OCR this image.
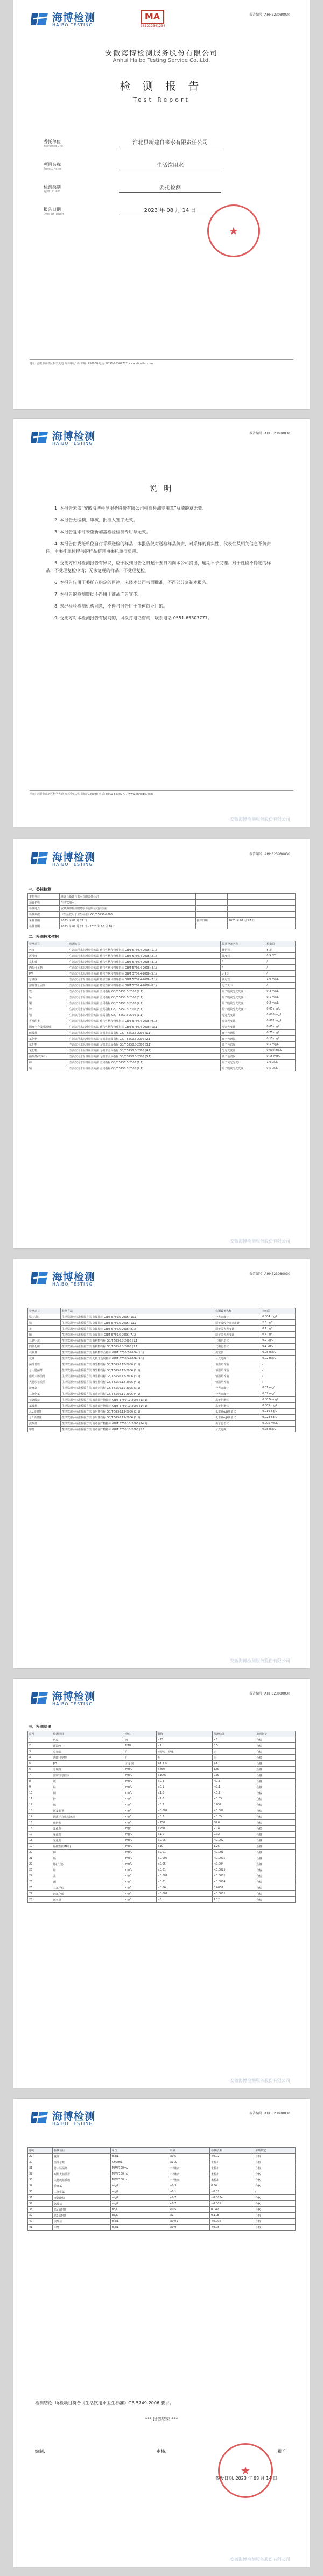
海博检测
HAIBO TESTING
MA
181212341234
报告编号: AHHB23080030
安徽海博检测服务股份有限公司
Anhui Haibo Testing Service Co.,Ltd.
检 测 报 告
Test Report
委托单位
Entrusted Unit
淮北县新建自来水有限责任公司
项目名称
Project Name
生活饮用水
检测类别
Type Of Test
委托检测
报告日期
Date Of Report
2023 年 08 月 14 日
★
地址: 合肥市高新区科学大道 万邦中心1栋 邮编: 230088 电话: 0551-65307777 www.ahhaibo.com
海博检测
HAIBO TESTING
报告编号: AHHB23080030
说 明

1. 本报告未盖“安徽海博检测服务股份有限公司检验检测专用章”及骑缝章无效。

2. 本报告无编制、审核、批准人签字无效。

3. 本报告复印件未重新加盖检验检测专用章无效。

4. 本报告由委托单位自行采样送检的样品，本报告仅对送检样品负责，对采样的真实性、代表性及相关信息不负责任，由委托单位提供的样品信息由委托单位负责。

5. 委托方如对检测报告有异议，应于收到报告之日起十五日内向本公司提出，逾期不予受理。对于性能不稳定的样品，不受理复检申请；无法复现的样品，不受理复检。

6. 本报告仅用于委托方指定的用途，未经本公司书面批准，不得部分复制本报告。

7. 本报告的检测数据不得用于商品广告宣传。

8. 未经检验检测机构同意，不得将报告用于任何商业目的。

9. 委托方对本检测报告有疑问的，可拨打电话咨询，联系电话 0551-65307777。

地址: 合肥市高新区科学大道 万邦中心1栋 邮编: 230088 电话: 0551-65307777 www.ahhaibo.com
安徽海博检测服务股份有限公司
海博检测
HAIBO TESTING
报告编号: AHHB23080030
一、委托检测
委托单位	淮北县新建自来水有限责任公司		
项目名称	生活饮用水		
检测地点	安徽海博检测服务股份有限公司实验室		
检测依据	《生活饮用水卫生标准》GB/T 5750-2006		
采样日期	2023 年 07 月 27 日	接样日期	2023 年 07 月 27 日
检测日期	2023 年 07 月 27 日 - 2023 年 08 月 10 日		
二、检测技术依据
检测项目	检测方法	仪器设备名称	检出限
色度	生活饮用水标准检验方法 感官性状和物理指标 GB/T 5750.4-2006 (1.1)	比色管	5 度
浑浊度	生活饮用水标准检验方法 感官性状和物理指标 GB/T 5750.4-2006 (2.1)	浊度仪	0.5 NTU
臭和味	生活饮用水标准检验方法 感官性状和物理指标 GB/T 5750.4-2006 (3.1)	/	/
肉眼可见物	生活饮用水标准检验方法 感官性状和物理指标 GB/T 5750.4-2006 (4.1)	/	/
pH	生活饮用水标准检验方法 感官性状和物理指标 GB/T 5750.4-2006 (5.1)	pH 计	/
总硬度	生活饮用水标准检验方法 感官性状和物理指标 GB/T 5750.4-2006 (7.1)	滴定管	1.0 mg/L
溶解性总固体	生活饮用水标准检验方法 感官性状和物理指标 GB/T 5750.4-2006 (8.1)	电子天平	/
铁	生活饮用水标准检验方法 金属指标 GB/T 5750.6-2006 (2.1)	原子吸收分光光度计	0.3 mg/L
锰	生活饮用水标准检验方法 金属指标 GB/T 5750.6-2006 (3.1)	原子吸收分光光度计	0.1 mg/L
铜	生活饮用水标准检验方法 金属指标 GB/T 5750.6-2006 (4.1)	原子吸收分光光度计	0.2 mg/L
锌	生活饮用水标准检验方法 金属指标 GB/T 5750.6-2006 (5.1)	原子吸收分光光度计	0.05 mg/L
铝	生活饮用水标准检验方法 金属指标 GB/T 5750.6-2006 (1.1)	分光光度计	0.008 mg/L
挥发酚类	生活饮用水标准检验方法 感官性状和物理指标 GB/T 5750.4-2006 (9.1)	分光光度计	0.002 mg/L
阴离子合成洗涤剂	生活饮用水标准检验方法 感官性状和物理指标 GB/T 5750.4-2006 (10.1)	分光光度计	0.05 mg/L
硫酸盐	生活饮用水标准检验方法 无机非金属指标 GB/T 5750.5-2006 (1.1)	离子色谱仪	0.75 mg/L
氯化物	生活饮用水标准检验方法 无机非金属指标 GB/T 5750.5-2006 (2.1)	离子色谱仪	0.15 mg/L
氟化物	生活饮用水标准检验方法 无机非金属指标 GB/T 5750.5-2006 (3.1)	离子色谱仪	0.1 mg/L
氰化物	生活饮用水标准检验方法 无机非金属指标 GB/T 5750.5-2006 (4.1)	分光光度计	0.002 mg/L
硝酸盐(以N计)	生活饮用水标准检验方法 无机非金属指标 GB/T 5750.5-2006 (5.1)	离子色谱仪	0.15 mg/L
砷	生活饮用水标准检验方法 金属指标 GB/T 5750.6-2006 (6.1)	原子荧光光度计	1.0 μg/L
镉	生活饮用水标准检验方法 金属指标 GB/T 5750.6-2006 (9.1)	原子吸收分光光度计	0.5 μg/L
安徽海博检测服务股份有限公司
海博检测
HAIBO TESTING
报告编号: AHHB23080030
检测项目	检测方法	仪器设备名称	检出限
铬(六价)	生活饮用水标准检验方法 金属指标 GB/T 5750.6-2006 (10.1)	分光光度计	0.004 mg/L
铅	生活饮用水标准检验方法 金属指标 GB/T 5750.6-2006 (11.1)	原子吸收分光光度计	2.5 μg/L
汞	生活饮用水标准检验方法 金属指标 GB/T 5750.6-2006 (8.1)	原子荧光光度计	0.1 μg/L
硒	生活饮用水标准检验方法 金属指标 GB/T 5750.6-2006 (7.1)	原子荧光光度计	0.4 μg/L
三氯甲烷	生活饮用水标准检验方法 有机物指标 GB/T 5750.8-2006 (1.1)	气相色谱仪	0.2 μg/L
四氯化碳	生活饮用水标准检验方法 有机物指标 GB/T 5750.8-2006 (3.1)	气相色谱仪	0.1 μg/L
耗氧量	生活饮用水标准检验方法 有机物综合指标 GB/T 5750.7-2006 (1.1)	滴定管	0.05 mg/L
氨氮	生活饮用水标准检验方法 无机非金属指标 GB/T 5750.5-2006 (9.1)	分光光度计	0.02 mg/L
菌落总数	生活饮用水标准检验方法 微生物指标 GB/T 5750.12-2006 (1.1)	恒温培养箱	/
总大肠菌群	生活饮用水标准检验方法 微生物指标 GB/T 5750.12-2006 (2.1)	恒温培养箱	/
耐热大肠菌群	生活饮用水标准检验方法 微生物指标 GB/T 5750.12-2006 (3.1)	恒温培养箱	/
大肠埃希氏菌	生活饮用水标准检验方法 微生物指标 GB/T 5750.12-2006 (4.1)	恒温培养箱	/
游离氯	生活饮用水标准检验方法 消毒剂指标 GB/T 5750.11-2006 (1.1)	分光光度计	0.01 mg/L
二氧化氯	生活饮用水标准检验方法 消毒剂指标 GB/T 5750.11-2006 (4.1)	分光光度计	0.02 mg/L
亚氯酸盐	生活饮用水标准检验方法 消毒副产物指标 GB/T 5750.10-2006 (13.1)	离子色谱仪	0.0024 mg/L
氯酸盐	生活饮用水标准检验方法 消毒副产物指标 GB/T 5750.10-2006 (14.1)	离子色谱仪	0.005 mg/L
总α放射性	生活饮用水标准检验方法 放射性指标 GB/T 5750.13-2006 (1.1)	低本底α/β测量仪	0.016 Bq/L
总β放射性	生活饮用水标准检验方法 放射性指标 GB/T 5750.13-2006 (2.1)	低本底α/β测量仪	0.028 Bq/L
溴酸盐	生活饮用水标准检验方法 消毒副产物指标 GB/T 5750.10-2006 (14.1)	离子色谱仪	0.005 mg/L
甲醛	生活饮用水标准检验方法 消毒副产物指标 GB/T 5750.10-2006 (6.1)	分光光度计	0.05 mg/L
安徽海博检测服务股份有限公司
海博检测
HAIBO TESTING
报告编号: AHHB23080030
三、检测结果
序号	检测项目	单位	限值	检测结果	单项判定
1	色度	度	≤15	<5	合格
2	浑浊度	NTU	≤1	0.5	合格
3	臭和味	/	无异臭、异味	无	合格
4	肉眼可见物	/	无	无	合格
5	pH	无量纲	6.5-8.5	7.5	合格
6	总硬度	mg/L	≤450	125	合格
7	溶解性总固体	mg/L	≤1000	235	合格
8	铁	mg/L	≤0.3	<0.3	合格
9	锰	mg/L	≤0.1	<0.1	合格
10	铜	mg/L	≤1.0	<0.2	合格
11	锌	mg/L	≤1.0	<0.05	合格
12	铝	mg/L	≤0.2	0.052	合格
13	挥发酚类	mg/L	≤0.002	<0.002	合格
14	阴离子合成洗涤剂	mg/L	≤0.3	<0.05	合格
15	硫酸盐	mg/L	≤250	38.6	合格
16	氯化物	mg/L	≤250	21.4	合格
17	氟化物	mg/L	≤1.0	0.32	合格
18	氰化物	mg/L	≤0.05	<0.002	合格
19	硝酸盐(以N计)	mg/L	≤10	1.25	合格
20	砷	mg/L	≤0.01	<0.001	合格
21	镉	mg/L	≤0.005	<0.0005	合格
22	铬(六价)	mg/L	≤0.05	<0.004	合格
23	铅	mg/L	≤0.01	<0.0025	合格
24	汞	mg/L	≤0.001	<0.0001	合格
25	硒	mg/L	≤0.01	<0.0004	合格
26	三氯甲烷	mg/L	≤0.06	0.0068	合格
27	四氯化碳	mg/L	≤0.002	<0.0001	合格
28	耗氧量	mg/L	≤3	1.12	合格
安徽海博检测服务股份有限公司
海博检测
HAIBO TESTING
报告编号: AHHB23080030
序号	检测项目	单位	限值	检测结果	单项判定
29	氨氮	mg/L	≤0.5	<0.02	合格
30	菌落总数	CFU/mL	≤100	未检出	合格
31	总大肠菌群	MPN/100mL	不得检出	未检出	合格
32	耐热大肠菌群	MPN/100mL	不得检出	未检出	合格
33	大肠埃希氏菌	MPN/100mL	不得检出	未检出	合格
34	游离氯	mg/L	≥0.3	0.56	合格
35	二氧化氯	mg/L	≥0.1	<0.02	/
36	亚氯酸盐	mg/L	≤0.7	<0.0024	合格
37	氯酸盐	mg/L	≤0.7	<0.005	合格
38	总α放射性	Bq/L	≤0.5	0.042	合格
39	总β放射性	Bq/L	≤1	0.118	合格
40	溴酸盐	mg/L	≤0.01	<0.005	合格
41	甲醛	mg/L	≤0.9	<0.05	合格
检测结论: 所检项目符合《生活饮用水卫生标准》GB 5749-2006 要求。
*** 报告结束 ***
编制:	审核:	批准:
签发日期: 2023 年 08 月 14 日
★
安徽海博检测服务股份有限公司
